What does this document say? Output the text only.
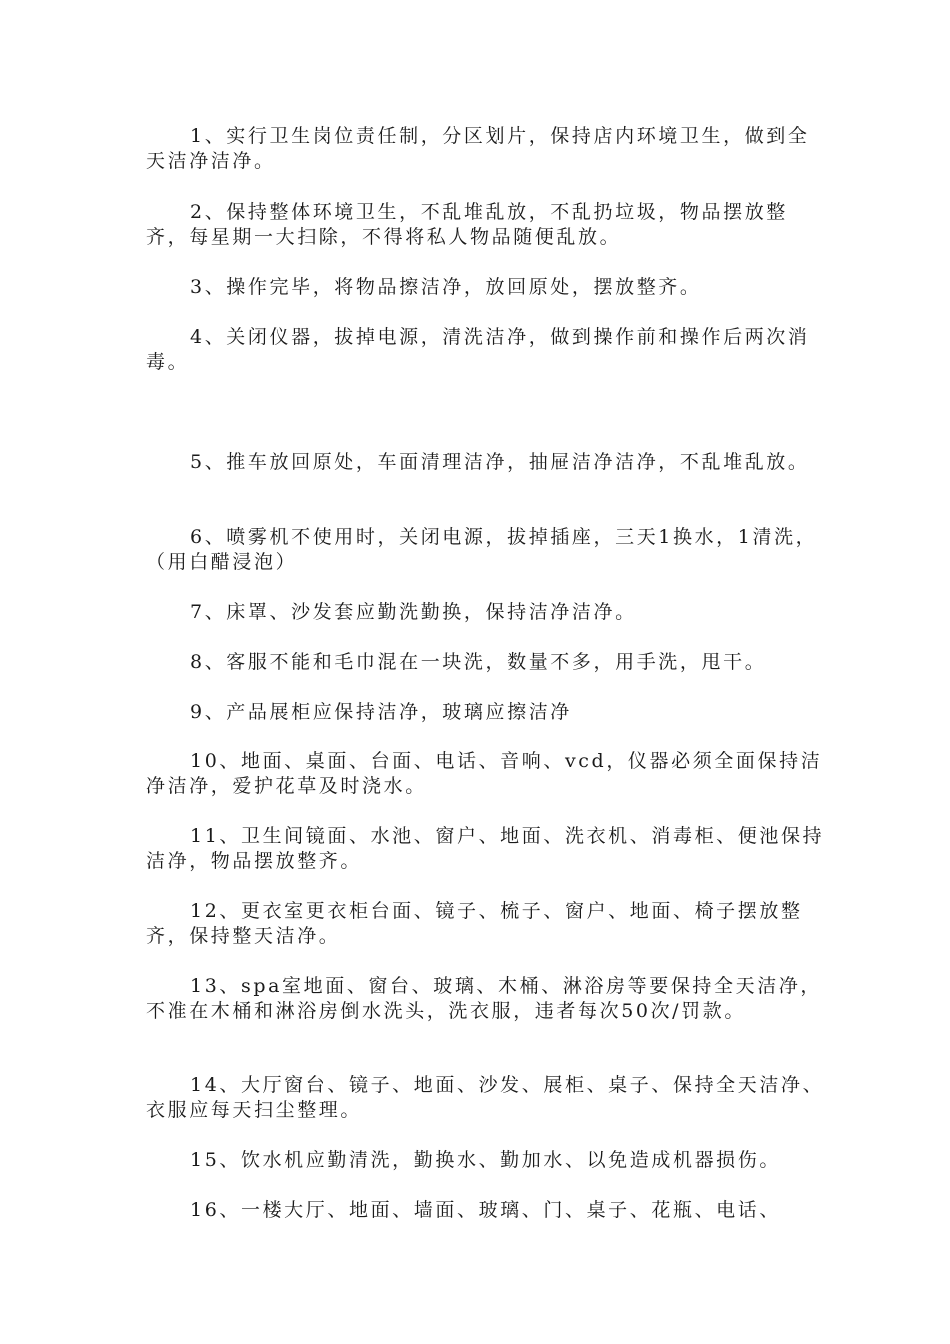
1、实行卫生岗位责任制，分区划片，保持店内环境卫生，做到全天洁净洁净。

2、保持整体环境卫生，不乱堆乱放，不乱扔垃圾，物品摆放整齐，每星期一大扫除，不得将私人物品随便乱放。

3、操作完毕，将物品擦洁净，放回原处，摆放整齐。

4、关闭仪器，拔掉电源，清洗洁净，做到操作前和操作后两次消毒。

5、推车放回原处，车面清理洁净，抽屉洁净洁净，不乱堆乱放。

6、喷雾机不使用时，关闭电源，拔掉插座，三天1换水，1清洗，（用白醋浸泡）

7、床罩、沙发套应勤洗勤换，保持洁净洁净。

8、客服不能和毛巾混在一块洗，数量不多，用手洗，甩干。

9、产品展柜应保持洁净，玻璃应擦洁净

10、地面、桌面、台面、电话、音响、vcd，仪器必须全面保持洁净洁净，爱护花草及时浇水。

11、卫生间镜面、水池、窗户、地面、洗衣机、消毒柜、便池保持洁净，物品摆放整齐。

12、更衣室更衣柜台面、镜子、梳子、窗户、地面、椅子摆放整齐，保持整天洁净。

13、spa室地面、窗台、玻璃、木桶、淋浴房等要保持全天洁净，不准在木桶和淋浴房倒水洗头，洗衣服，违者每次50次/罚款。

14、大厅窗台、镜子、地面、沙发、展柜、桌子、保持全天洁净、衣服应每天扫尘整理。

15、饮水机应勤清洗，勤换水、勤加水、以免造成机器损伤。

16、一楼大厅、地面、墙面、玻璃、门、桌子、花瓶、电话、
